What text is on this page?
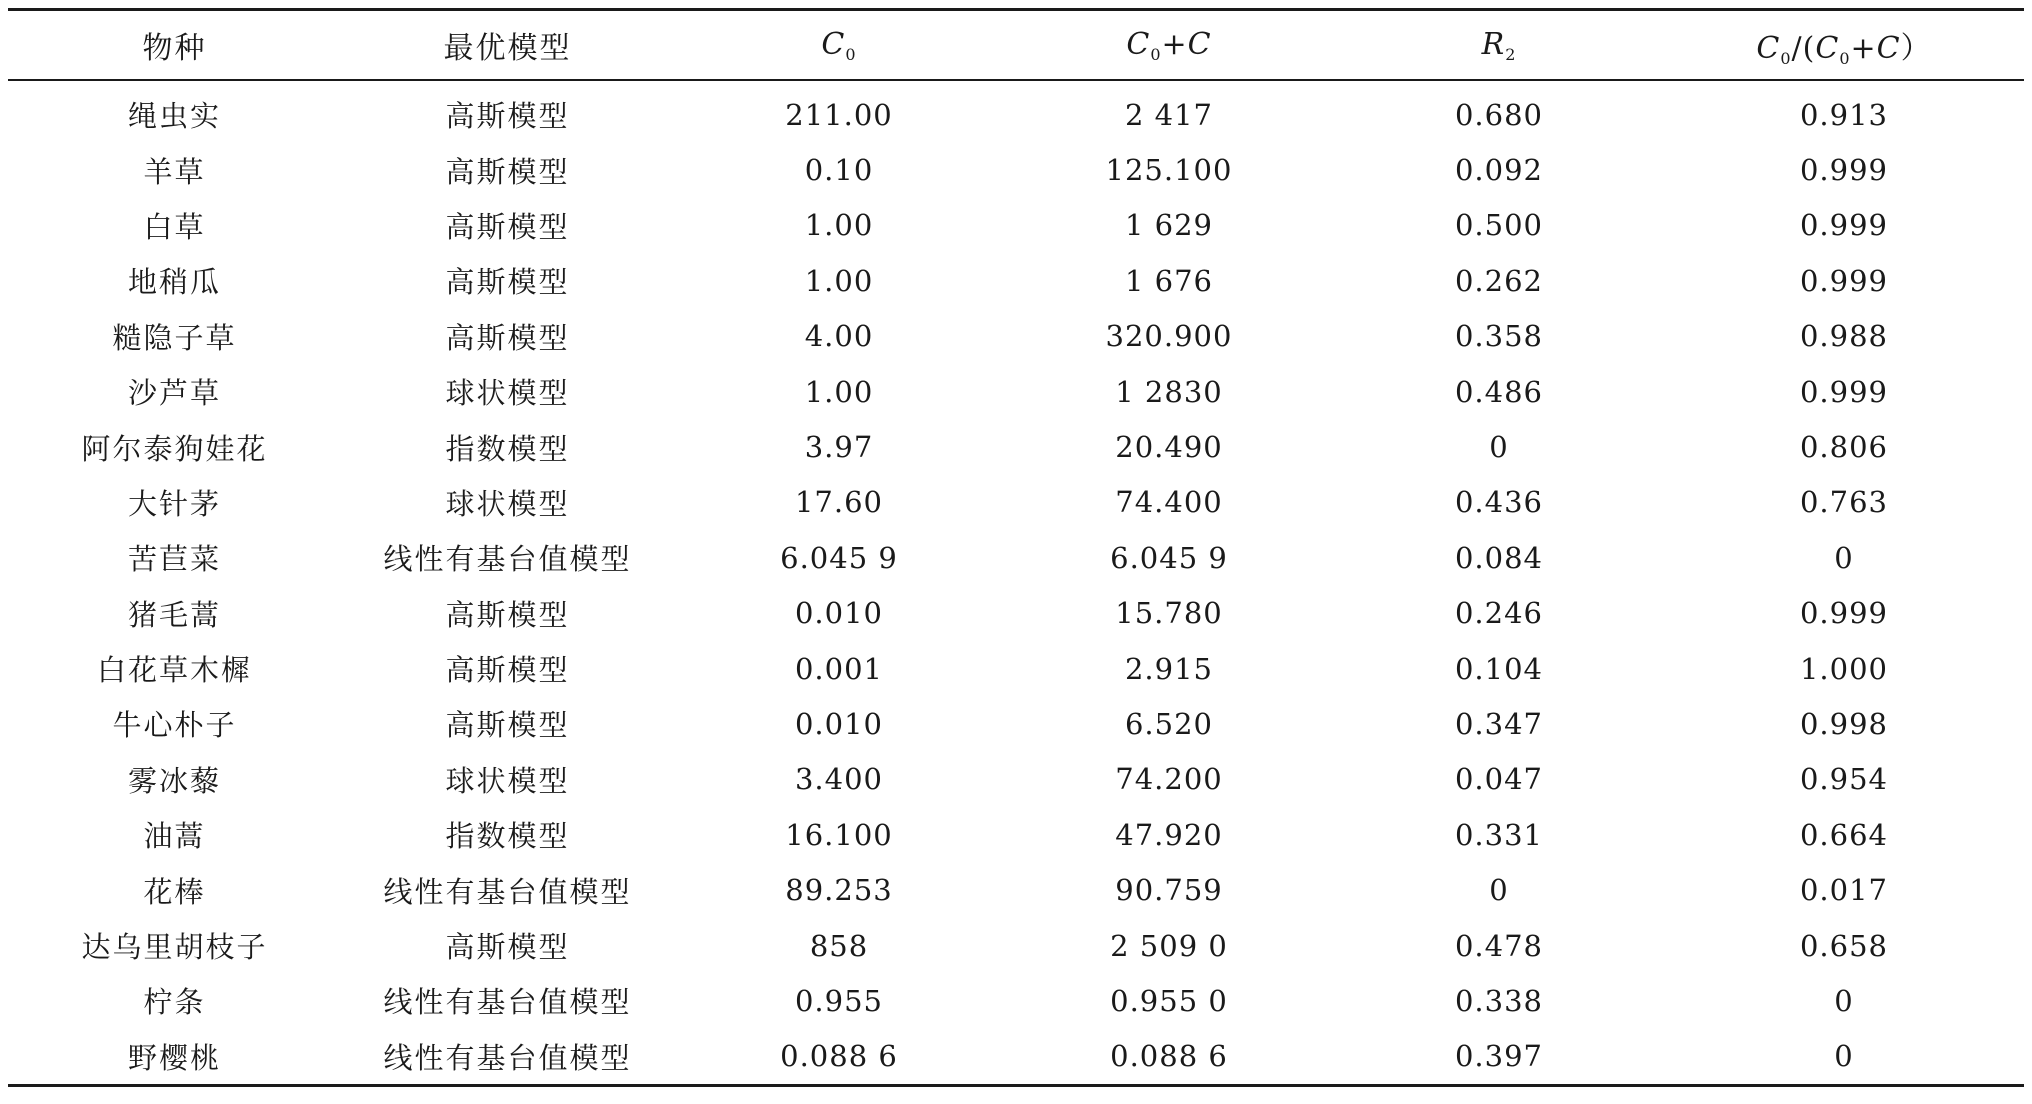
物种	最优模型	$C_0$	$C_0+C$	$R_2$	$C_0/(C_0+C)$
绳虫实	高斯模型	211.00	2 417	0.680	0.913
羊草	高斯模型	0.10	125.100	0.092	0.999
白草	高斯模型	1.00	1 629	0.500	0.999
地稍瓜	高斯模型	1.00	1 676	0.262	0.999
糙隐子草	高斯模型	4.00	320.900	0.358	0.988
沙芦草	球状模型	1.00	1 2830	0.486	0.999
阿尔泰狗娃花	指数模型	3.97	20.490	0	0.806
大针茅	球状模型	17.60	74.400	0.436	0.763
苦苣菜	线性有基台值模型	6.045 9	6.045 9	0.084	0
猪毛蒿	高斯模型	0.010	15.780	0.246	0.999
白花草木樨	高斯模型	0.001	2.915	0.104	1.000
牛心朴子	高斯模型	0.010	6.520	0.347	0.998
雾冰藜	球状模型	3.400	74.200	0.047	0.954
油蒿	指数模型	16.100	47.920	0.331	0.664
花棒	线性有基台值模型	89.253	90.759	0	0.017
达乌里胡枝子	高斯模型	858	2 509 0	0.478	0.658
柠条	线性有基台值模型	0.955	0.955 0	0.338	0
野樱桃	线性有基台值模型	0.088 6	0.088 6	0.397	0
